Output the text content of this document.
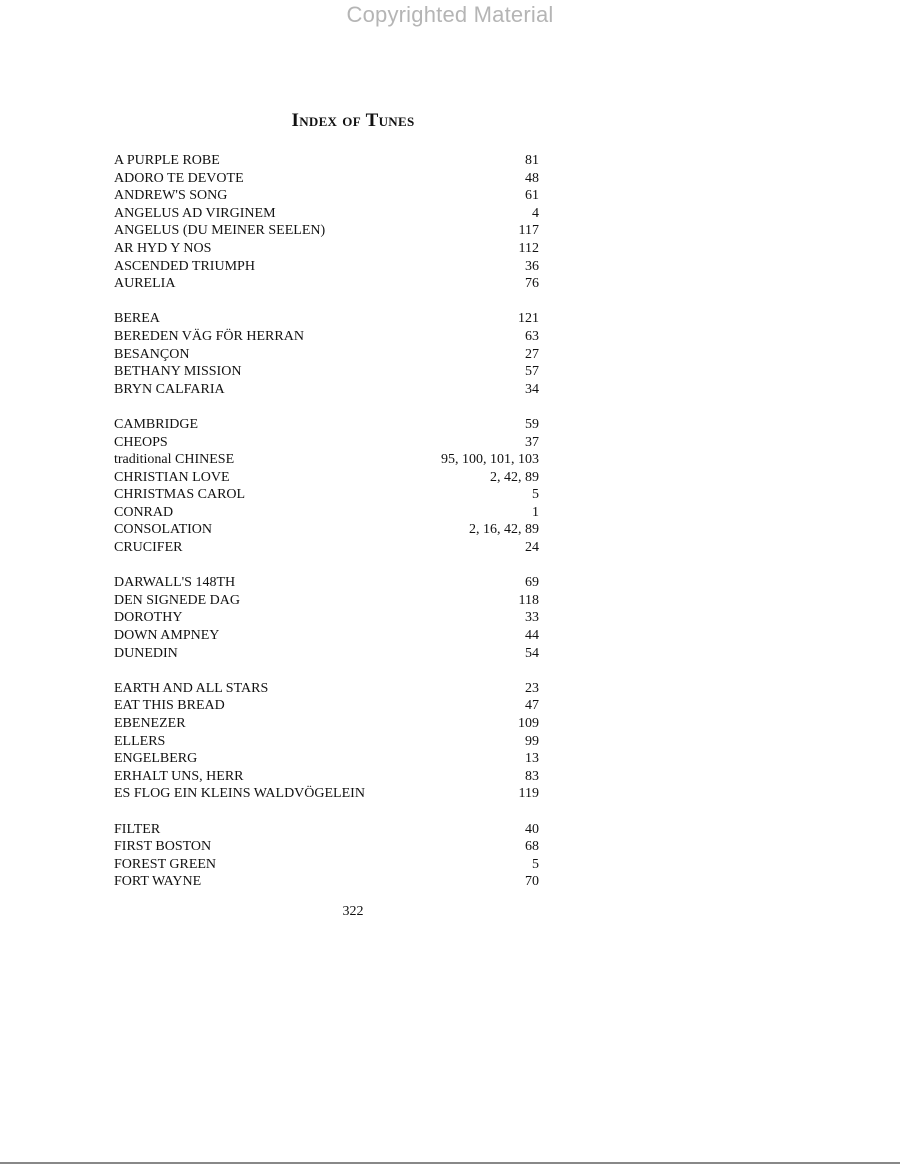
Copyrighted Material
Index of Tunes
A PURPLE ROBE	81
ADORO TE DEVOTE	48
ANDREW'S SONG	61
ANGELUS AD VIRGINEM	4
ANGELUS (DU MEINER SEELEN)	117
AR HYD Y NOS	112
ASCENDED TRIUMPH	36
AURELIA	76
BEREA	121
BEREDEN VÄG FÖR HERRAN	63
BESANÇON	27
BETHANY MISSION	57
BRYN CALFARIA	34
CAMBRIDGE	59
CHEOPS	37
traditional CHINESE	95, 100, 101, 103
CHRISTIAN LOVE	2, 42, 89
CHRISTMAS CAROL	5
CONRAD	1
CONSOLATION	2, 16, 42, 89
CRUCIFER	24
DARWALL'S 148TH	69
DEN SIGNEDE DAG	118
DOROTHY	33
DOWN AMPNEY	44
DUNEDIN	54
EARTH AND ALL STARS	23
EAT THIS BREAD	47
EBENEZER	109
ELLERS	99
ENGELBERG	13
ERHALT UNS, HERR	83
ES FLOG EIN KLEINS WALDVÖGELEIN	119
FILTER	40
FIRST BOSTON	68
FOREST GREEN	5
FORT WAYNE	70
322
